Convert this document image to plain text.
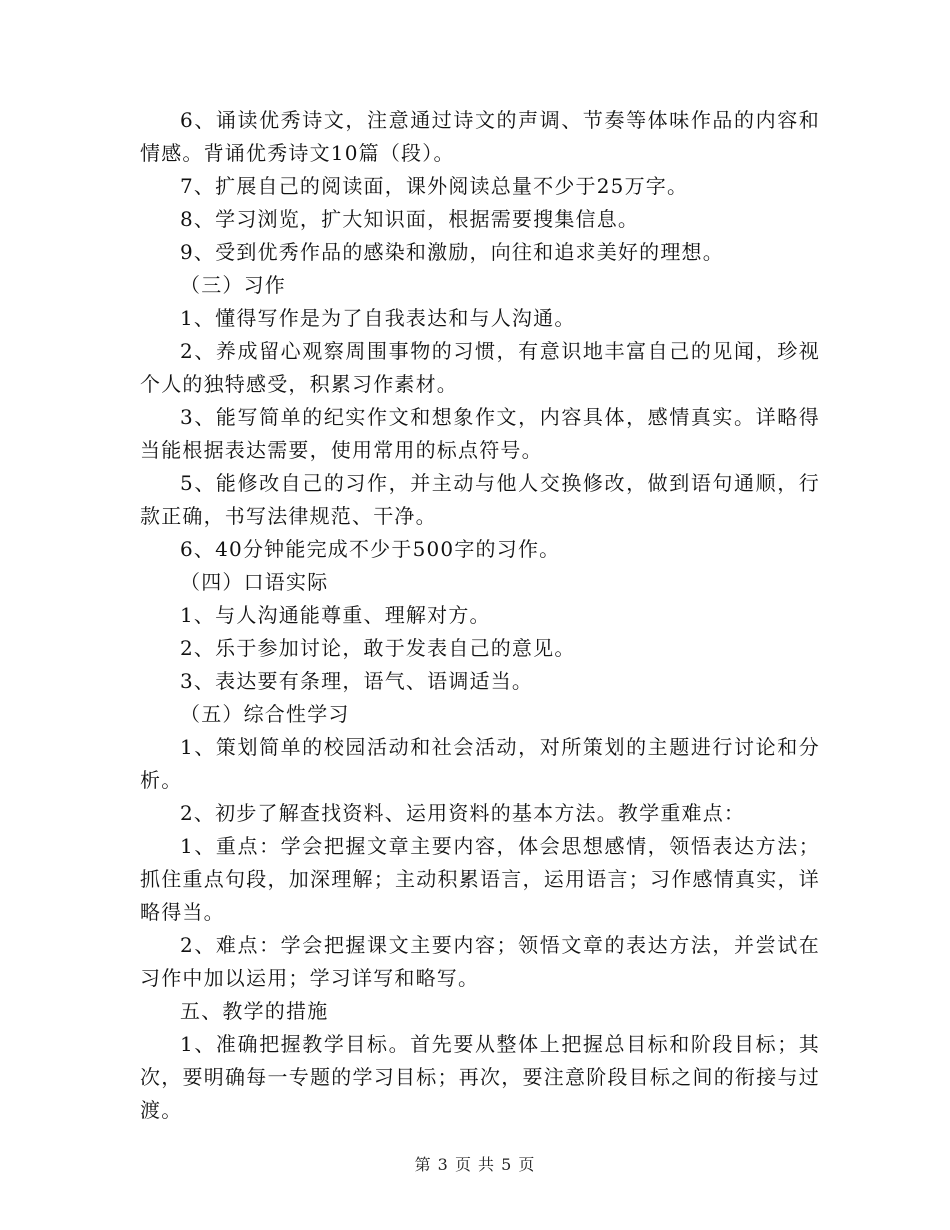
6、诵读优秀诗文，注意通过诗文的声调、节奏等体味作品的内容和情感。背诵优秀诗文10篇（段）。

7、扩展自己的阅读面，课外阅读总量不少于25万字。

8、学习浏览，扩大知识面，根据需要搜集信息。

9、受到优秀作品的感染和激励，向往和追求美好的理想。

（三）习作

1、懂得写作是为了自我表达和与人沟通。

2、养成留心观察周围事物的习惯，有意识地丰富自己的见闻，珍视个人的独特感受，积累习作素材。

3、能写简单的纪实作文和想象作文，内容具体，感情真实。详略得当能根据表达需要，使用常用的标点符号。

5、能修改自己的习作，并主动与他人交换修改，做到语句通顺，行款正确，书写法律规范、干净。

6、40分钟能完成不少于500字的习作。

（四）口语实际

1、与人沟通能尊重、理解对方。

2、乐于参加讨论，敢于发表自己的意见。

3、表达要有条理，语气、语调适当。

（五）综合性学习

1、策划简单的校园活动和社会活动，对所策划的主题进行讨论和分析。

2、初步了解查找资料、运用资料的基本方法。教学重难点：

1、重点：学会把握文章主要内容，体会思想感情，领悟表达方法；抓住重点句段，加深理解；主动积累语言，运用语言；习作感情真实，详略得当。

2、难点：学会把握课文主要内容；领悟文章的表达方法，并尝试在习作中加以运用；学习详写和略写。

五、教学的措施

1、准确把握教学目标。首先要从整体上把握总目标和阶段目标；其次，要明确每一专题的学习目标；再次，要注意阶段目标之间的衔接与过渡。

第 3 页 共 5 页
